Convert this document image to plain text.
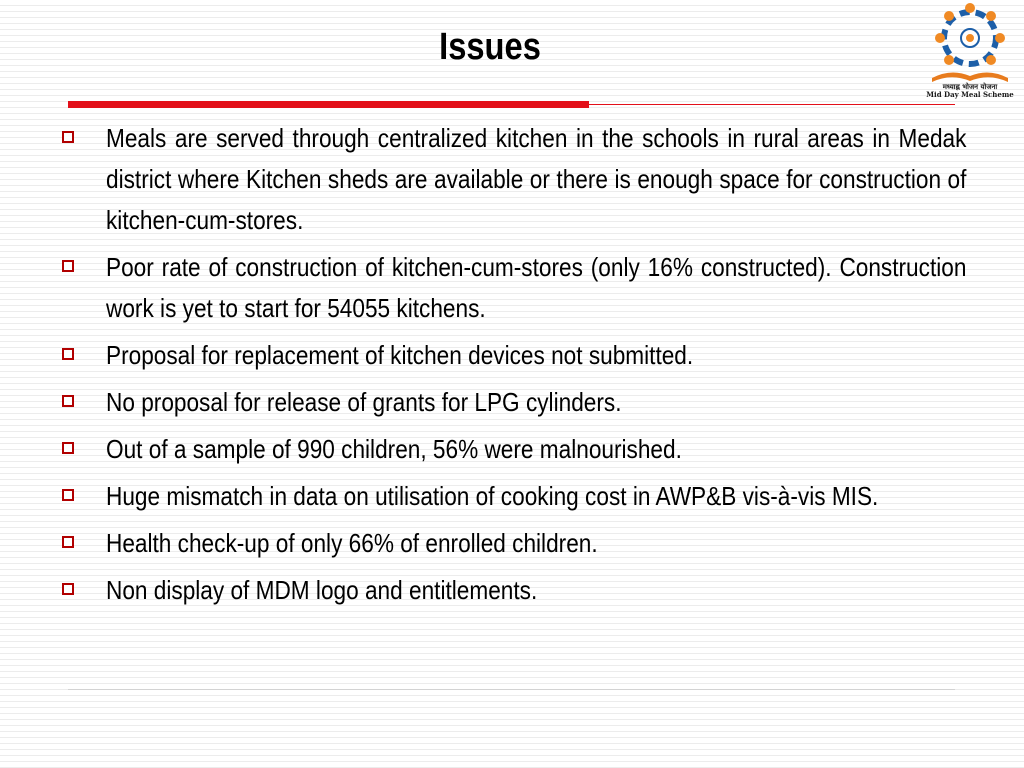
Issues
मध्याह्न भोजन योजना
Mid Day Meal Scheme
Meals are served through centralized kitchen in the schools in rural areas in Medak district where Kitchen sheds are available or there is enough space for construction of kitchen-cum-stores.
Poor rate of construction of kitchen-cum-stores (only 16% constructed). Construction work is yet to start for 54055 kitchens.
Proposal for replacement of kitchen devices not submitted.
No proposal for release of grants for LPG cylinders.
Out of a sample of 990 children, 56% were malnourished.
Huge mismatch in data on utilisation of cooking cost in AWP&B vis-à-vis MIS.
Health check-up of only 66% of enrolled children.
Non display of MDM logo and entitlements.
